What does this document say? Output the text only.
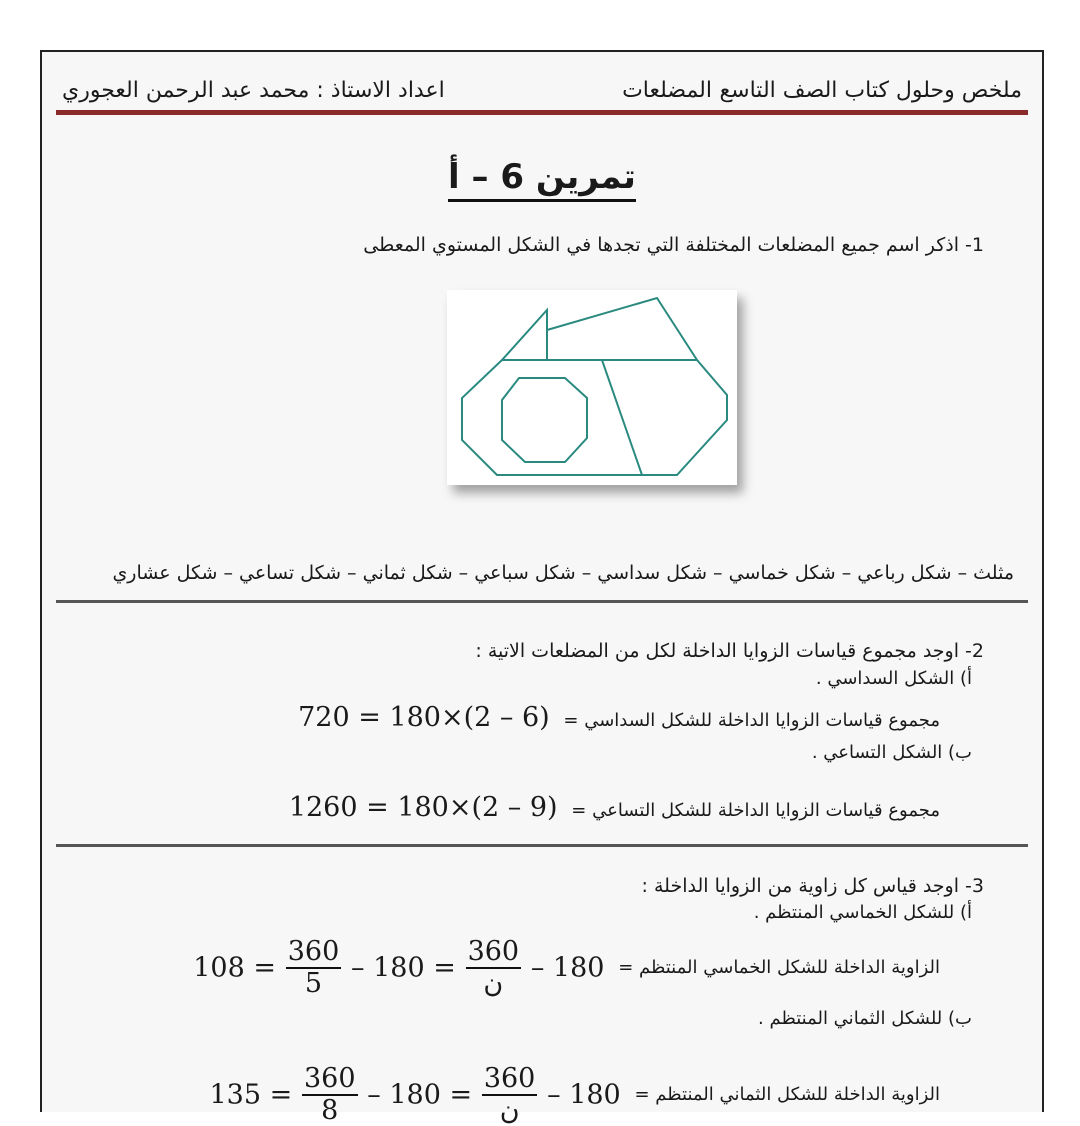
ملخص وحلول كتاب الصف التاسع
المضلعات
اعداد الاستاذ : محمد عبد الرحمن العجوري
تمرين 6 – أ
1- اذكر اسم جميع المضلعات المختلفة التي تجدها في الشكل المستوي المعطى
مثلث – شكل رباعي – شكل خماسي – شكل سداسي – شكل سباعي – شكل ثماني – شكل تساعي – شكل عشاري
2- اوجد مجموع قياسات الزوايا الداخلة لكل من المضلعات الاتية :
أ) الشكل السداسي .
مجموع قياسات الزوايا الداخلة للشكل السداسي = 720 = 180×(2 – 6)
ب) الشكل التساعي .
مجموع قياسات الزوايا الداخلة للشكل التساعي = 1260 = 180×(2 – 9)
3- اوجد قياس كل زاوية من الزوايا الداخلة :
أ) للشكل الخماسي المنتظم .
الزاوية الداخلة للشكل الخماسي المنتظم = $108 = \frac{360}{5} - 180 = \frac{360}{\text{ن}} - 180$
ب) للشكل الثماني المنتظم .
الزاوية الداخلة للشكل الثماني المنتظم = $135 = \frac{360}{8} - 180 = \frac{360}{\text{ن}} - 180$
